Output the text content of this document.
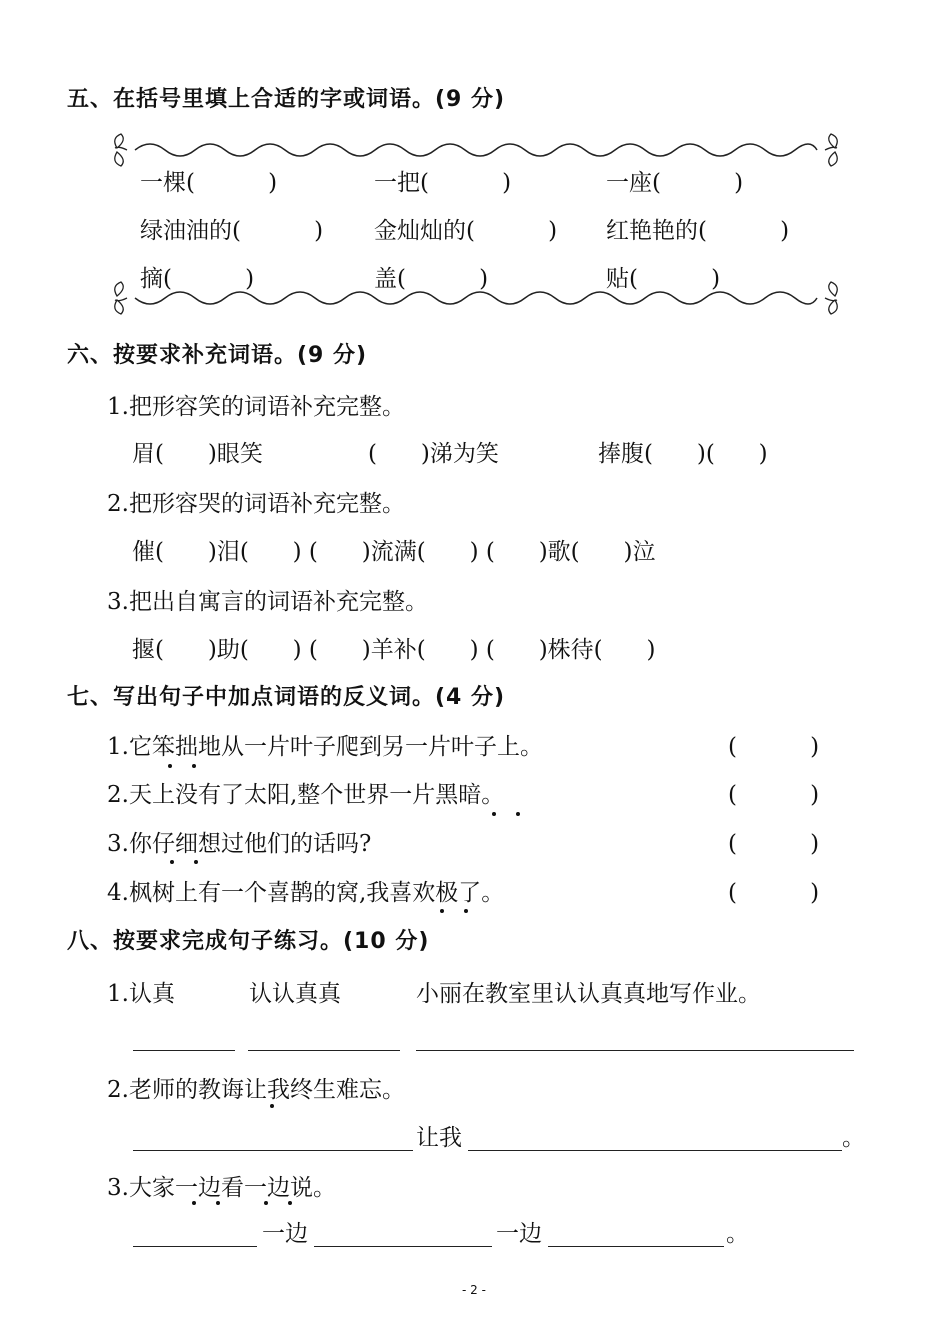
五、在括号里填上合适的字或词语。(9 分)
一棵(          )	一把(          )	一座(          )
绿油油的(          ) 金灿灿的(          ) 红艳艳的(          )
摘(          )	盖(          )	贴(          )
六、按要求补充词语。(9 分)
1.把形容笑的词语补充完整。
眉(      )眼笑	(      )涕为笑	捧腹(      )(      )
2.把形容哭的词语补充完整。
催(      )泪(      ) (      )流满(      ) (      )歌(      )泣
3.把出自寓言的词语补充完整。
揠(      )助(      ) (      )羊补(      ) (      )株待(      )
七、写出句子中加点词语的反义词。(4 分)
1.它笨拙地从一片叶子爬到另一片叶子上。	(          )
2.天上没有了太阳,整个世界一片黑暗。	(          )
3.你仔细想过他们的话吗?	(          )
4.枫树上有一个喜鹊的窝,我喜欢极了。	(          )
八、按要求完成句子练习。(10 分)
1.认真	认认真真	小丽在教室里认认真真地写作业。
2.老师的教诲让我终生难忘。
让我	。
3.大家一边看一边说。
一边	一边	。
- 2 -
